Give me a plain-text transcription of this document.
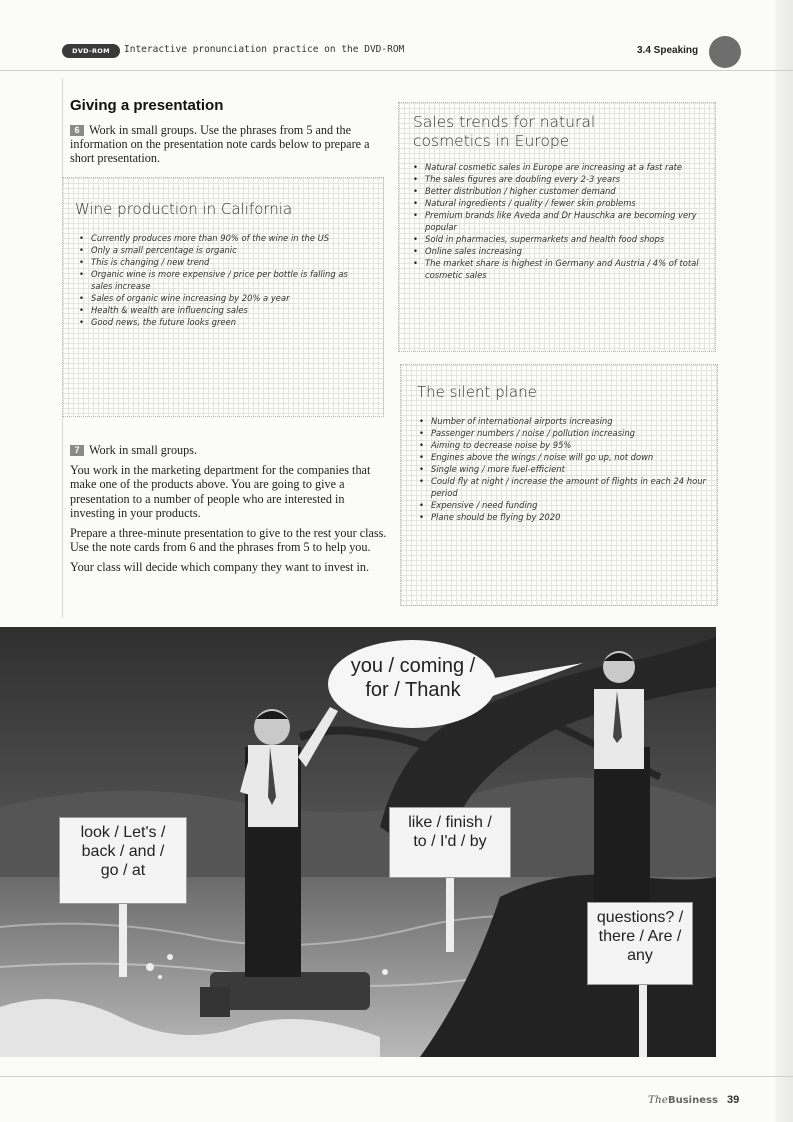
DVD-ROM	Interactive pronunciation practice on the DVD-ROM	3.4 Speaking
Giving a presentation

6 Work in small groups. Use the phrases from 5 and the information on the presentation note cards below to prepare a short presentation.

Wine production in California
• Currently produces more than 90% of the wine in the US
• Only a small percentage is organic
• This is changing / new trend
• Organic wine is more expensive / price per bottle is falling as sales increase
• Sales of organic wine increasing by 20% a year
• Health & wealth are influencing sales
• Good news, the future looks green
Sales trends for natural cosmetics in Europe
• Natural cosmetic sales in Europe are increasing at a fast rate
• The sales figures are doubling every 2-3 years
• Better distribution / higher customer demand
• Natural ingredients / quality / fewer skin problems
• Premium brands like Aveda and Dr Hauschka are becoming very popular
• Sold in pharmacies, supermarkets and health food shops
• Online sales increasing
• The market share is highest in Germany and Austria / 4% of total cosmetic sales
The silent plane
• Number of international airports increasing
• Passenger numbers / noise / pollution increasing
• Aiming to decrease noise by 95%
• Engines above the wings / noise will go up, not down
• Single wing / more fuel-efficient
• Could fly at night / increase the amount of flights in each 24 hour period
• Expensive / need funding
• Plane should be flying by 2020

7 Work in small groups.

You work in the marketing department for the companies that make one of the products above. You are going to give a presentation to a number of people who are interested in investing in your products.

Prepare a three-minute presentation to give to the rest your class. Use the note cards from 6 and the phrases from 5 to help you.

Your class will decide which company they want to invest in.

you / coming /
for / Thank
look / Let's /
back / and /
go / at
like / finish /
to / I'd / by
questions? /
there / Are /
any
TheBusiness 39
